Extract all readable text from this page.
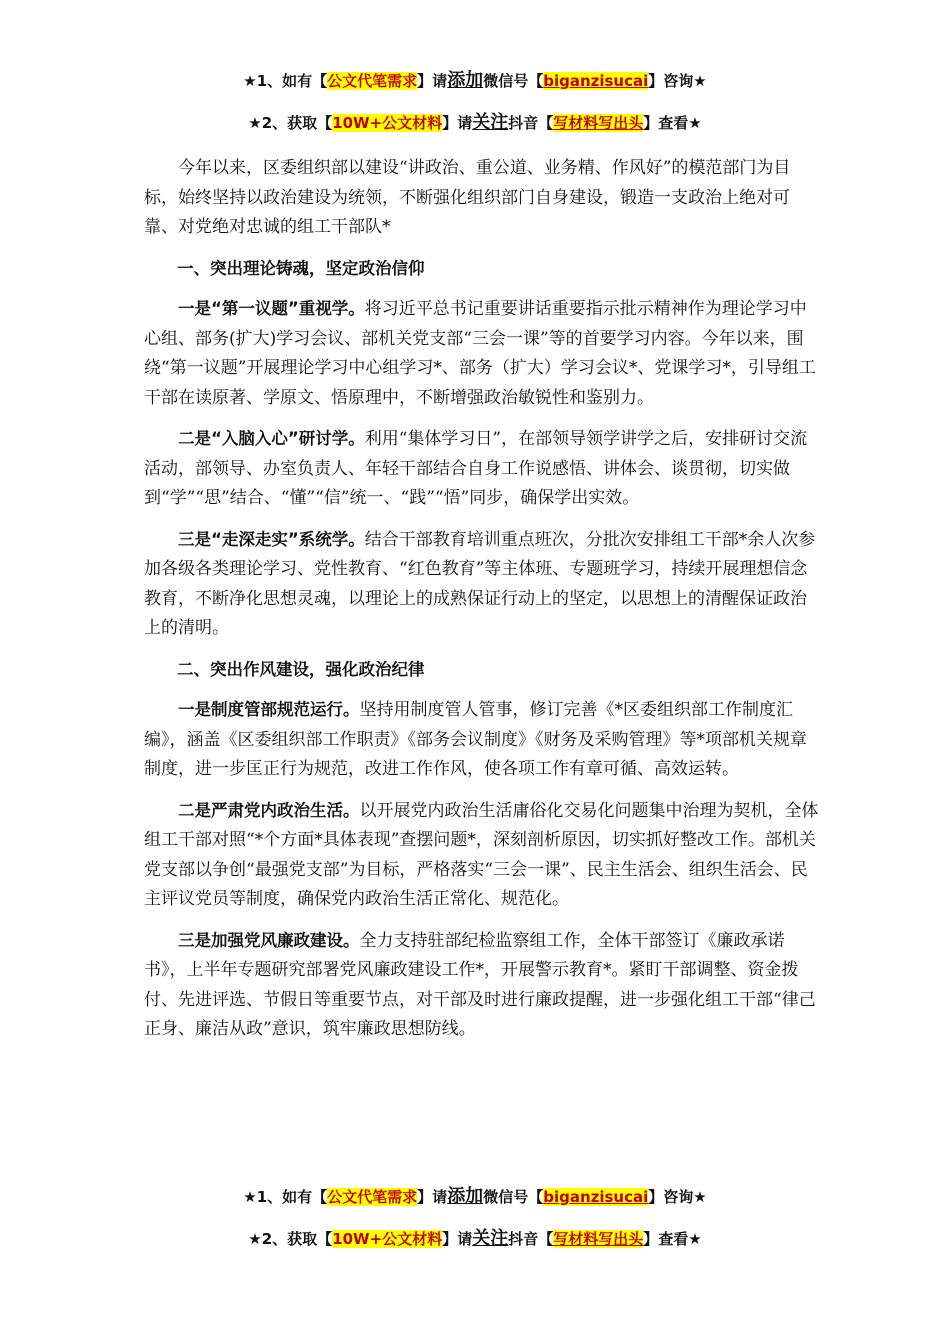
★1、如有【公文代笔需求】请添加微信号【biganzisucai】咨询★
★2、获取【10W+公文材料】请关注抖音【写材料写出头】查看★

今年以来，区委组织部以建设“讲政治、重公道、业务精、作风好”的模范部门为目标，始终坚持以政治建设为统领，不断强化组织部门自身建设，锻造一支政治上绝对可靠、对党绝对忠诚的组工干部队*

一、突出理论铸魂，坚定政治信仰

一是“第一议题”重视学。将习近平总书记重要讲话重要指示批示精神作为理论学习中心组、部务(扩大)学习会议、部机关党支部“三会一课”等的首要学习内容。今年以来，围绕“第一议题”开展理论学习中心组学习*、部务（扩大）学习会议*、党课学习*，引导组工干部在读原著、学原文、悟原理中，不断增强政治敏锐性和鉴别力。

二是“入脑入心”研讨学。利用“集体学习日”，在部领导领学讲学之后，安排研讨交流活动，部领导、办室负责人、年轻干部结合自身工作说感悟、讲体会、谈贯彻，切实做到“学”“思”结合、“懂”“信”统一、“践”“悟”同步，确保学出实效。

三是“走深走实”系统学。结合干部教育培训重点班次，分批次安排组工干部*余人次参加各级各类理论学习、党性教育、“红色教育”等主体班、专题班学习，持续开展理想信念教育，不断净化思想灵魂，以理论上的成熟保证行动上的坚定，以思想上的清醒保证政治上的清明。

二、突出作风建设，强化政治纪律

一是制度管部规范运行。坚持用制度管人管事，修订完善《*区委组织部工作制度汇编》，涵盖《区委组织部工作职责》《部务会议制度》《财务及采购管理》等*项部机关规章制度，进一步匡正行为规范，改进工作作风，使各项工作有章可循、高效运转。

二是严肃党内政治生活。以开展党内政治生活庸俗化交易化问题集中治理为契机，全体组工干部对照“*个方面*具体表现”查摆问题*，深刻剖析原因，切实抓好整改工作。部机关党支部以争创“最强党支部”为目标，严格落实“三会一课”、民主生活会、组织生活会、民主评议党员等制度，确保党内政治生活正常化、规范化。

三是加强党风廉政建设。全力支持驻部纪检监察组工作，全体干部签订《廉政承诺书》，上半年专题研究部署党风廉政建设工作*，开展警示教育*。紧盯干部调整、资金拨付、先进评选、节假日等重要节点，对干部及时进行廉政提醒，进一步强化组工干部“律己正身、廉洁从政”意识，筑牢廉政思想防线。

★1、如有【公文代笔需求】请添加微信号【biganzisucai】咨询★
★2、获取【10W+公文材料】请关注抖音【写材料写出头】查看★
